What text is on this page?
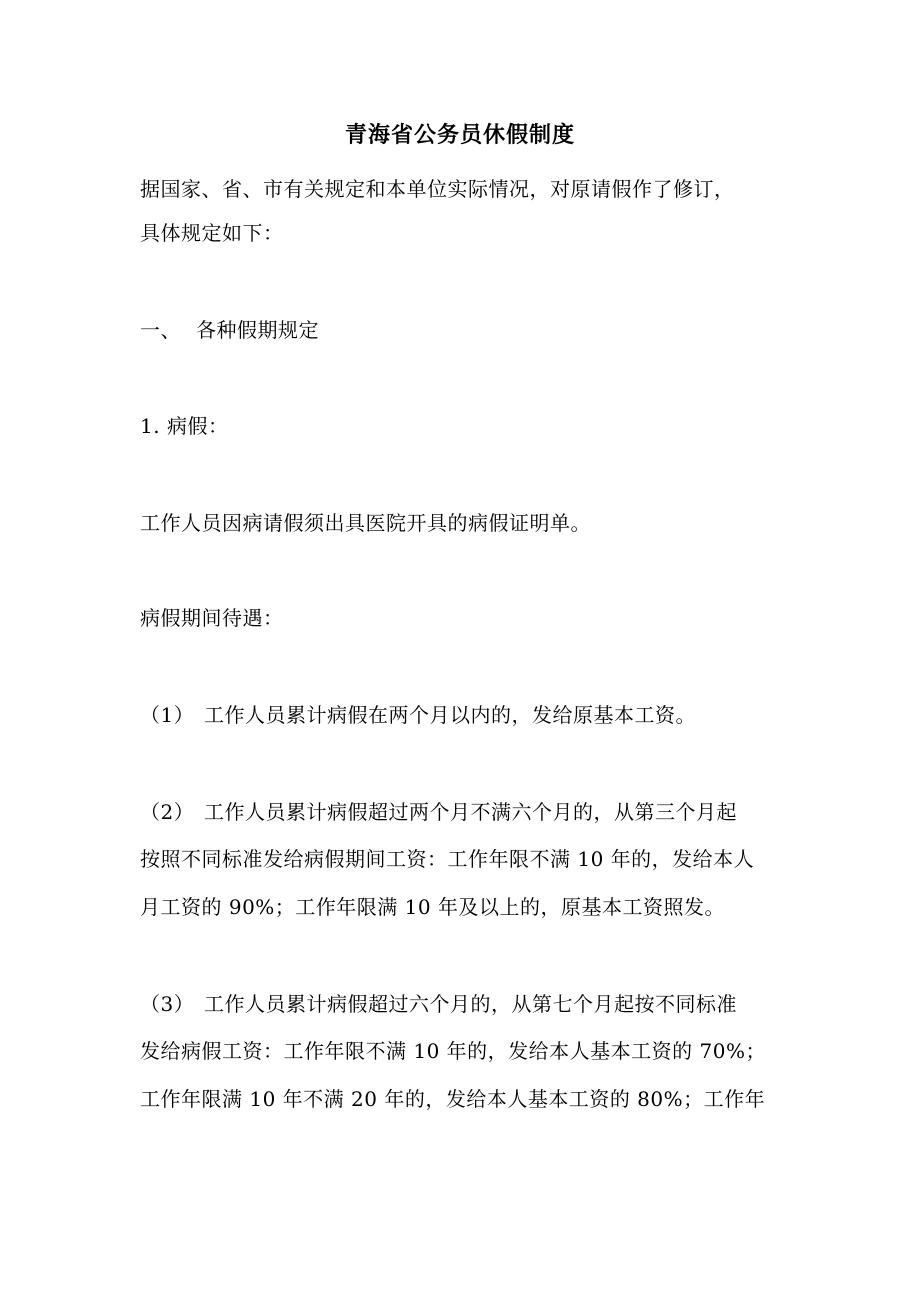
青海省公务员休假制度
据国家、省、市有关规定和本单位实际情况，对原请假作了修订，
具体规定如下：
一、 各种假期规定
1. 病假：
工作人员因病请假须出具医院开具的病假证明单。
病假期间待遇：
（1） 工作人员累计病假在两个月以内的，发给原基本工资。
（2） 工作人员累计病假超过两个月不满六个月的，从第三个月起
按照不同标准发给病假期间工资：工作年限不满 10 年的，发给本人
月工资的 90%；工作年限满 10 年及以上的，原基本工资照发。
（3） 工作人员累计病假超过六个月的，从第七个月起按不同标准
发给病假工资：工作年限不满 10 年的，发给本人基本工资的 70%；
工作年限满 10 年不满 20 年的，发给本人基本工资的 80%；工作年
